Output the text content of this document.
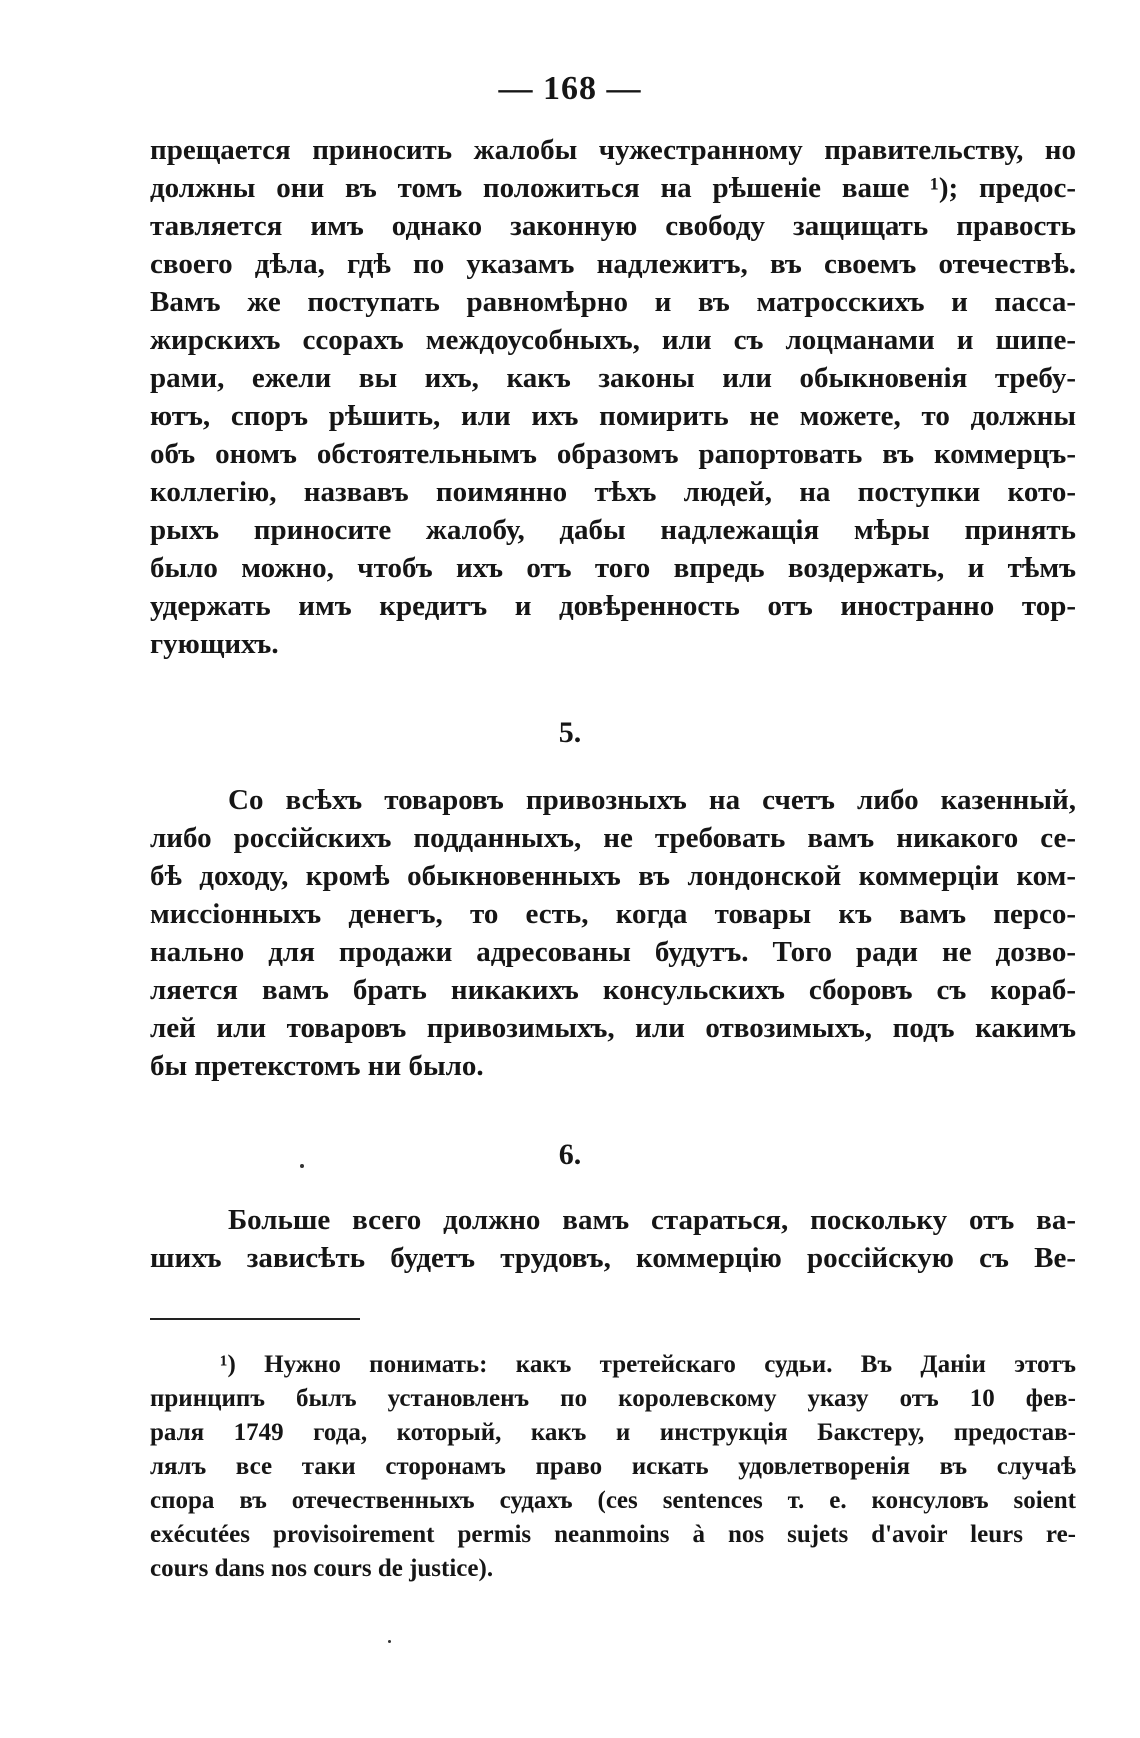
— 168 —
прещается приносить жалобы чужестранному правительству, но
должны они въ томъ положиться на рѣшеніе ваше ¹); предос-
тавляется имъ однако законную свободу защищать правость
своего дѣла, гдѣ по указамъ надлежитъ, въ своемъ отечествѣ.
Вамъ же поступать равномѣрно и въ матросскихъ и пасса-
жирскихъ ссорахъ междоусобныхъ, или съ лоцманами и шипе-
рами, ежели вы ихъ, какъ законы или обыкновенія требу-
ютъ, споръ рѣшить, или ихъ помирить не можете, то должны
объ ономъ обстоятельнымъ образомъ рапортовать въ коммерцъ-
коллегію, назвавъ поимянно тѣхъ людей, на поступки кото-
рыхъ приносите жалобу, дабы надлежащія мѣры принять
было можно, чтобъ ихъ отъ того впредь воздержать, и тѣмъ
удержать имъ кредитъ и довѣренность отъ иностранно тор-
гующихъ.
5.
Со всѣхъ товаровъ привозныхъ на счетъ либо казенный,
либо россійскихъ подданныхъ, не требовать вамъ никакого се-
бѣ доходу, кромѣ обыкновенныхъ въ лондонской коммерціи ком-
миссіонныхъ денегъ, то есть, когда товары къ вамъ персо-
нально для продажи адресованы будутъ. Того ради не дозво-
ляется вамъ брать никакихъ консульскихъ сборовъ съ кораб-
лей или товаровъ привозимыхъ, или отвозимыхъ, подъ какимъ
бы претекстомъ ни было.
6.
Больше всего должно вамъ стараться, поскольку отъ ва-
шихъ зависѣть будетъ трудовъ, коммерцію россійскую съ Ве-
¹) Нужно понимать: какъ третейскаго судьи. Въ Даніи этотъ
принципъ былъ установленъ по королевскому указу отъ 10 фев-
раля 1749 года, который, какъ и инструкція Бакстеру, предостав-
лялъ все таки сторонамъ право искать удовлетворенія въ случаѣ
спора въ отечественныхъ судахъ (ces sentences т. е. консуловъ soient
exécutées provisoirement permis neanmoins à nos sujets d'avoir leurs re-
cours dans nos cours de justice).
